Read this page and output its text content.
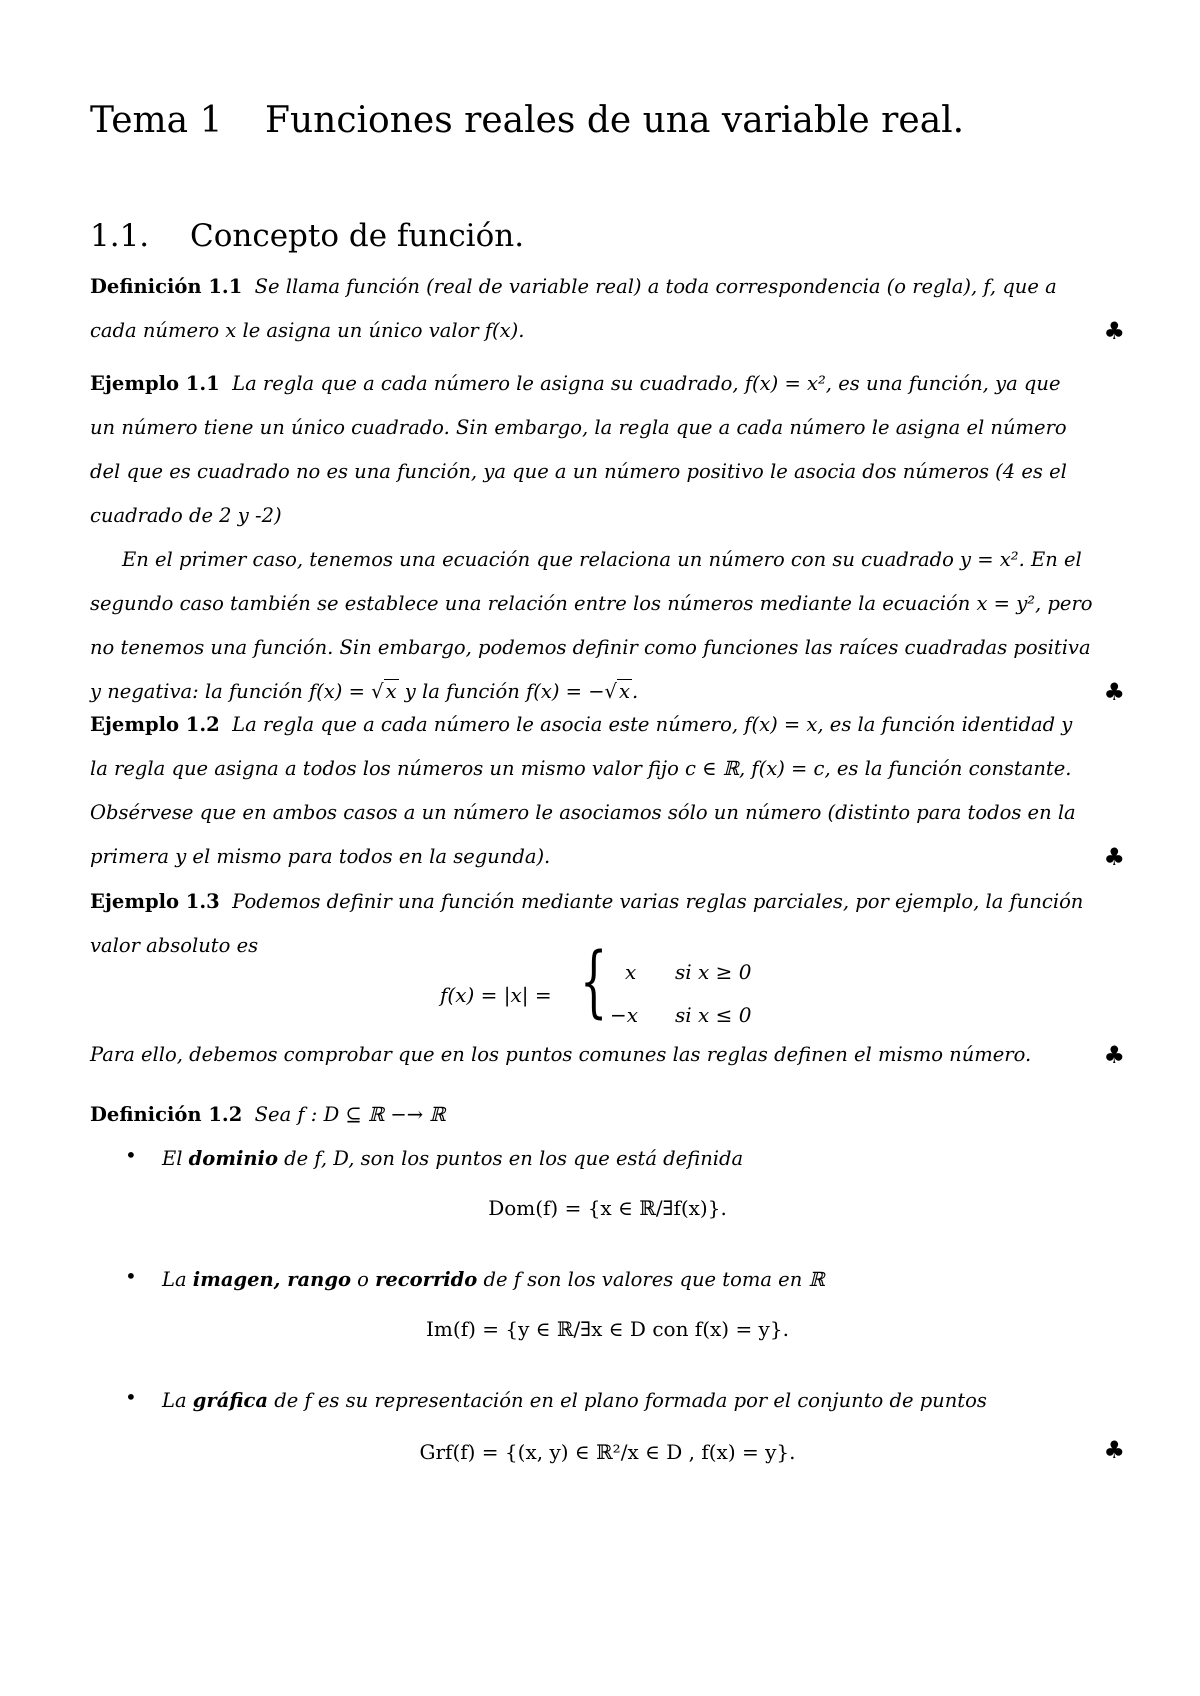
Tema 1 Funciones reales de una variable real.
1.1. Concepto de función.
Definición 1.1 Se llama función (real de variable real) a toda correspondencia (o regla), f, que a
cada número x le asigna un único valor f(x).	♣
Ejemplo 1.1 La regla que a cada número le asigna su cuadrado, f(x) = x², es una función, ya que
un número tiene un único cuadrado. Sin embargo, la regla que a cada número le asigna el número
del que es cuadrado no es una función, ya que a un número positivo le asocia dos números (4 es el
cuadrado de 2 y -2)
En el primer caso, tenemos una ecuación que relaciona un número con su cuadrado y = x². En el
segundo caso también se establece una relación entre los números mediante la ecuación x = y², pero
no tenemos una función. Sin embargo, podemos definir como funciones las raíces cuadradas positiva
y negativa: la función f(x) = √ x y la función f(x) = −√ x .	♣
Ejemplo 1.2 La regla que a cada número le asocia este número, f(x) = x, es la función identidad y
la regla que asigna a todos los números un mismo valor fijo c ∈ ℝ, f(x) = c, es la función constante.
Obsérvese que en ambos casos a un número le asociamos sólo un número (distinto para todos en la
primera y el mismo para todos en la segunda).	♣
Ejemplo 1.3 Podemos definir una función mediante varias reglas parciales, por ejemplo, la función
valor absoluto es
f(x) = |x| = { x si x ≥ 0
−x si x ≤ 0
Para ello, debemos comprobar que en los puntos comunes las reglas definen el mismo número.	♣
Definición 1.2 Sea f : D ⊆ ℝ −→ ℝ
• El dominio de f, D, son los puntos en los que está definida
Dom(f) = {x ∈ ℝ/∃f(x)}.
• La imagen, rango o recorrido de f son los valores que toma en ℝ
Im(f) = {y ∈ ℝ/∃x ∈ D con f(x) = y}.
• La gráfica de f es su representación en el plano formada por el conjunto de puntos
Grf(f) = {(x, y) ∈ ℝ²/x ∈ D , f(x) = y}.	♣
